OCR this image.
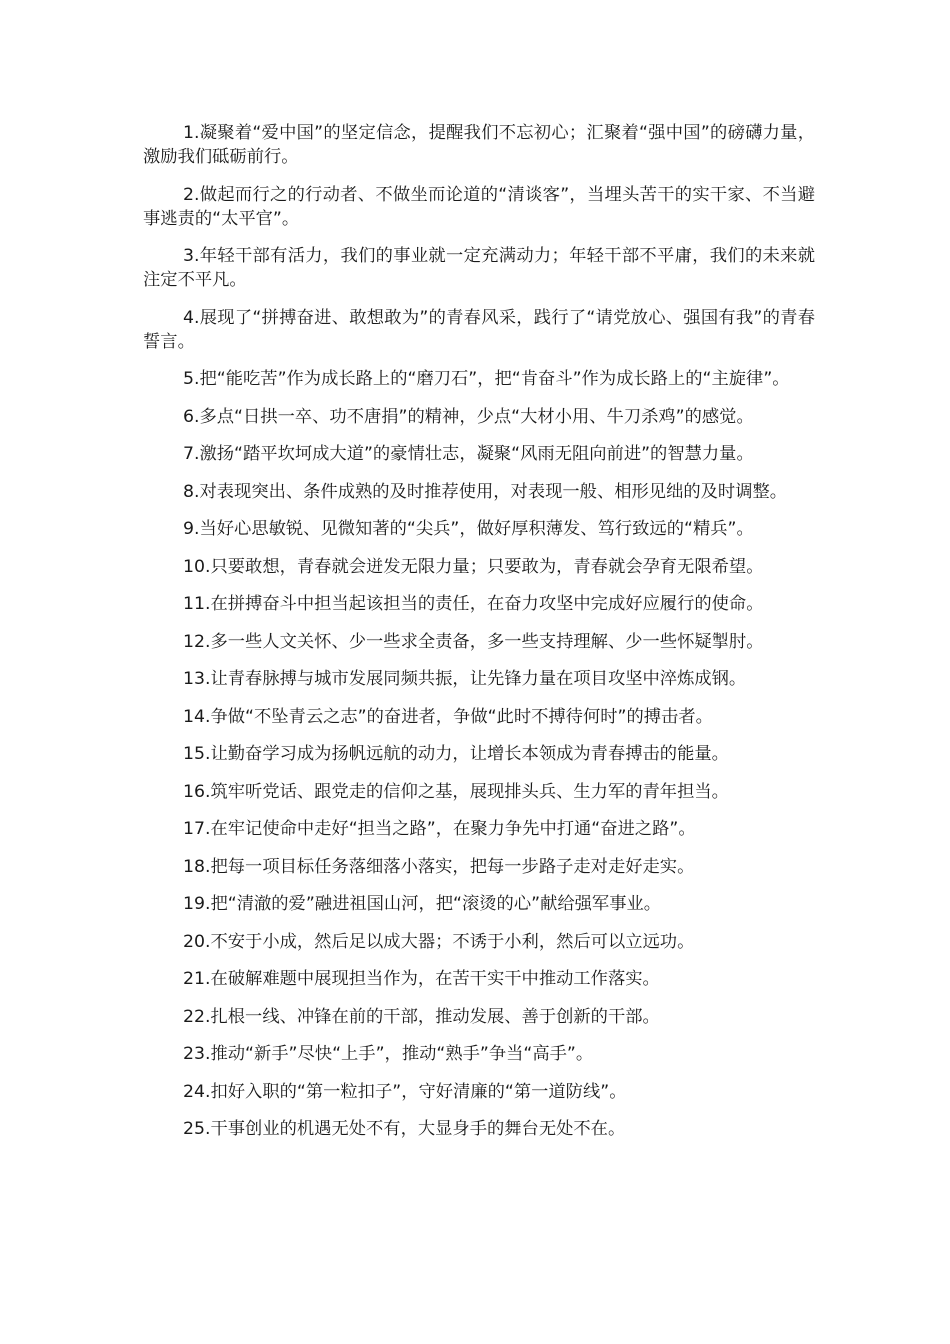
1.凝聚着“爱中国”的坚定信念，提醒我们不忘初心；汇聚着“强中国”的磅礴力量，激励我们砥砺前行。

2.做起而行之的行动者、不做坐而论道的“清谈客”，当埋头苦干的实干家、不当避事逃责的“太平官”。

3.年轻干部有活力，我们的事业就一定充满动力；年轻干部不平庸，我们的未来就注定不平凡。

4.展现了“拼搏奋进、敢想敢为”的青春风采，践行了“请党放心、强国有我”的青春誓言。

5.把“能吃苦”作为成长路上的“磨刀石”，把“肯奋斗”作为成长路上的“主旋律”。

6.多点“日拱一卒、功不唐捐”的精神，少点“大材小用、牛刀杀鸡”的感觉。

7.激扬“踏平坎坷成大道”的豪情壮志，凝聚“风雨无阻向前进”的智慧力量。

8.对表现突出、条件成熟的及时推荐使用，对表现一般、相形见绌的及时调整。

9.当好心思敏锐、见微知著的“尖兵”，做好厚积薄发、笃行致远的“精兵”。

10.只要敢想，青春就会迸发无限力量；只要敢为，青春就会孕育无限希望。

11.在拼搏奋斗中担当起该担当的责任，在奋力攻坚中完成好应履行的使命。

12.多一些人文关怀、少一些求全责备，多一些支持理解、少一些怀疑掣肘。

13.让青春脉搏与城市发展同频共振，让先锋力量在项目攻坚中淬炼成钢。

14.争做“不坠青云之志”的奋进者，争做“此时不搏待何时”的搏击者。

15.让勤奋学习成为扬帆远航的动力，让增长本领成为青春搏击的能量。

16.筑牢听党话、跟党走的信仰之基，展现排头兵、生力军的青年担当。

17.在牢记使命中走好“担当之路”，在聚力争先中打通“奋进之路”。

18.把每一项目标任务落细落小落实，把每一步路子走对走好走实。

19.把“清澈的爱”融进祖国山河，把“滚烫的心”献给强军事业。

20.不安于小成，然后足以成大器；不诱于小利，然后可以立远功。

21.在破解难题中展现担当作为，在苦干实干中推动工作落实。

22.扎根一线、冲锋在前的干部，推动发展、善于创新的干部。

23.推动“新手”尽快“上手”，推动“熟手”争当“高手”。

24.扣好入职的“第一粒扣子”，守好清廉的“第一道防线”。

25.干事创业的机遇无处不有，大显身手的舞台无处不在。
